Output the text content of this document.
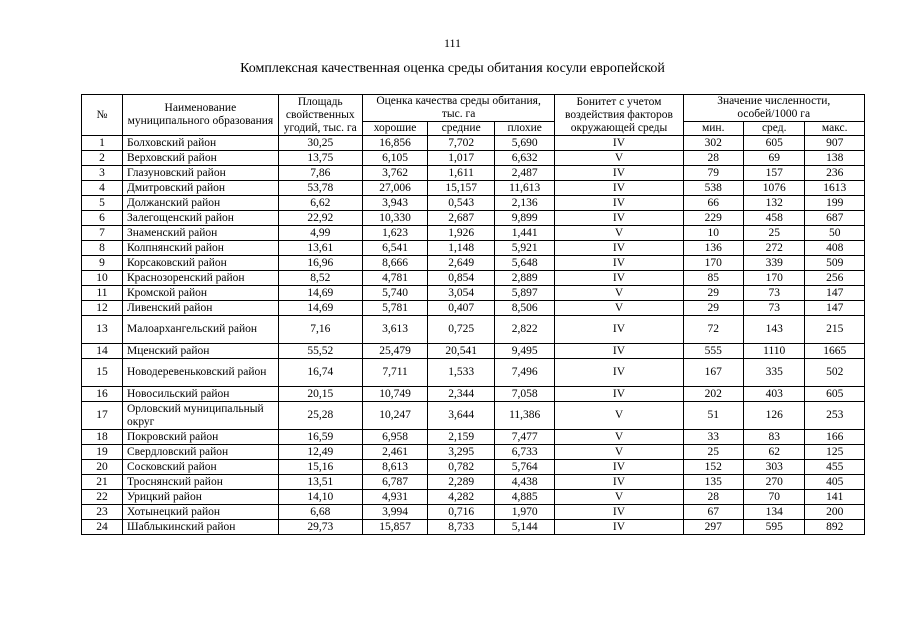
111
Комплексная качественная оценка среды обитания косули европейской
№	Наименование муниципального образования	Площадь свойственных угодий, тыс. га	Оценка качества среды обитания, тыс. га			Бонитет с учетом воздействия факторов окружающей среды	Значение численности, особей/1000 га		
			хорошие	средние	плохие		мин.	сред.	макс.
1	Болховский район	30,25	16,856	7,702	5,690	IV	302	605	907
2	Верховский район	13,75	6,105	1,017	6,632	V	28	69	138
3	Глазуновский район	7,86	3,762	1,611	2,487	IV	79	157	236
4	Дмитровский район	53,78	27,006	15,157	11,613	IV	538	1076	1613
5	Должанский район	6,62	3,943	0,543	2,136	IV	66	132	199
6	Залегощенский район	22,92	10,330	2,687	9,899	IV	229	458	687
7	Знаменский район	4,99	1,623	1,926	1,441	V	10	25	50
8	Колпнянский район	13,61	6,541	1,148	5,921	IV	136	272	408
9	Корсаковский район	16,96	8,666	2,649	5,648	IV	170	339	509
10	Краснозоренский район	8,52	4,781	0,854	2,889	IV	85	170	256
11	Кромской район	14,69	5,740	3,054	5,897	V	29	73	147
12	Ливенский район	14,69	5,781	0,407	8,506	V	29	73	147
13	Малоархангельский район	7,16	3,613	0,725	2,822	IV	72	143	215
14	Мценский район	55,52	25,479	20,541	9,495	IV	555	1110	1665
15	Новодеревеньковский район	16,74	7,711	1,533	7,496	IV	167	335	502
16	Новосильский район	20,15	10,749	2,344	7,058	IV	202	403	605
17	Орловский муниципальный округ	25,28	10,247	3,644	11,386	V	51	126	253
18	Покровский район	16,59	6,958	2,159	7,477	V	33	83	166
19	Свердловский район	12,49	2,461	3,295	6,733	V	25	62	125
20	Сосковский район	15,16	8,613	0,782	5,764	IV	152	303	455
21	Троснянский район	13,51	6,787	2,289	4,438	IV	135	270	405
22	Урицкий район	14,10	4,931	4,282	4,885	V	28	70	141
23	Хотынецкий район	6,68	3,994	0,716	1,970	IV	67	134	200
24	Шаблыкинский район	29,73	15,857	8,733	5,144	IV	297	595	892
